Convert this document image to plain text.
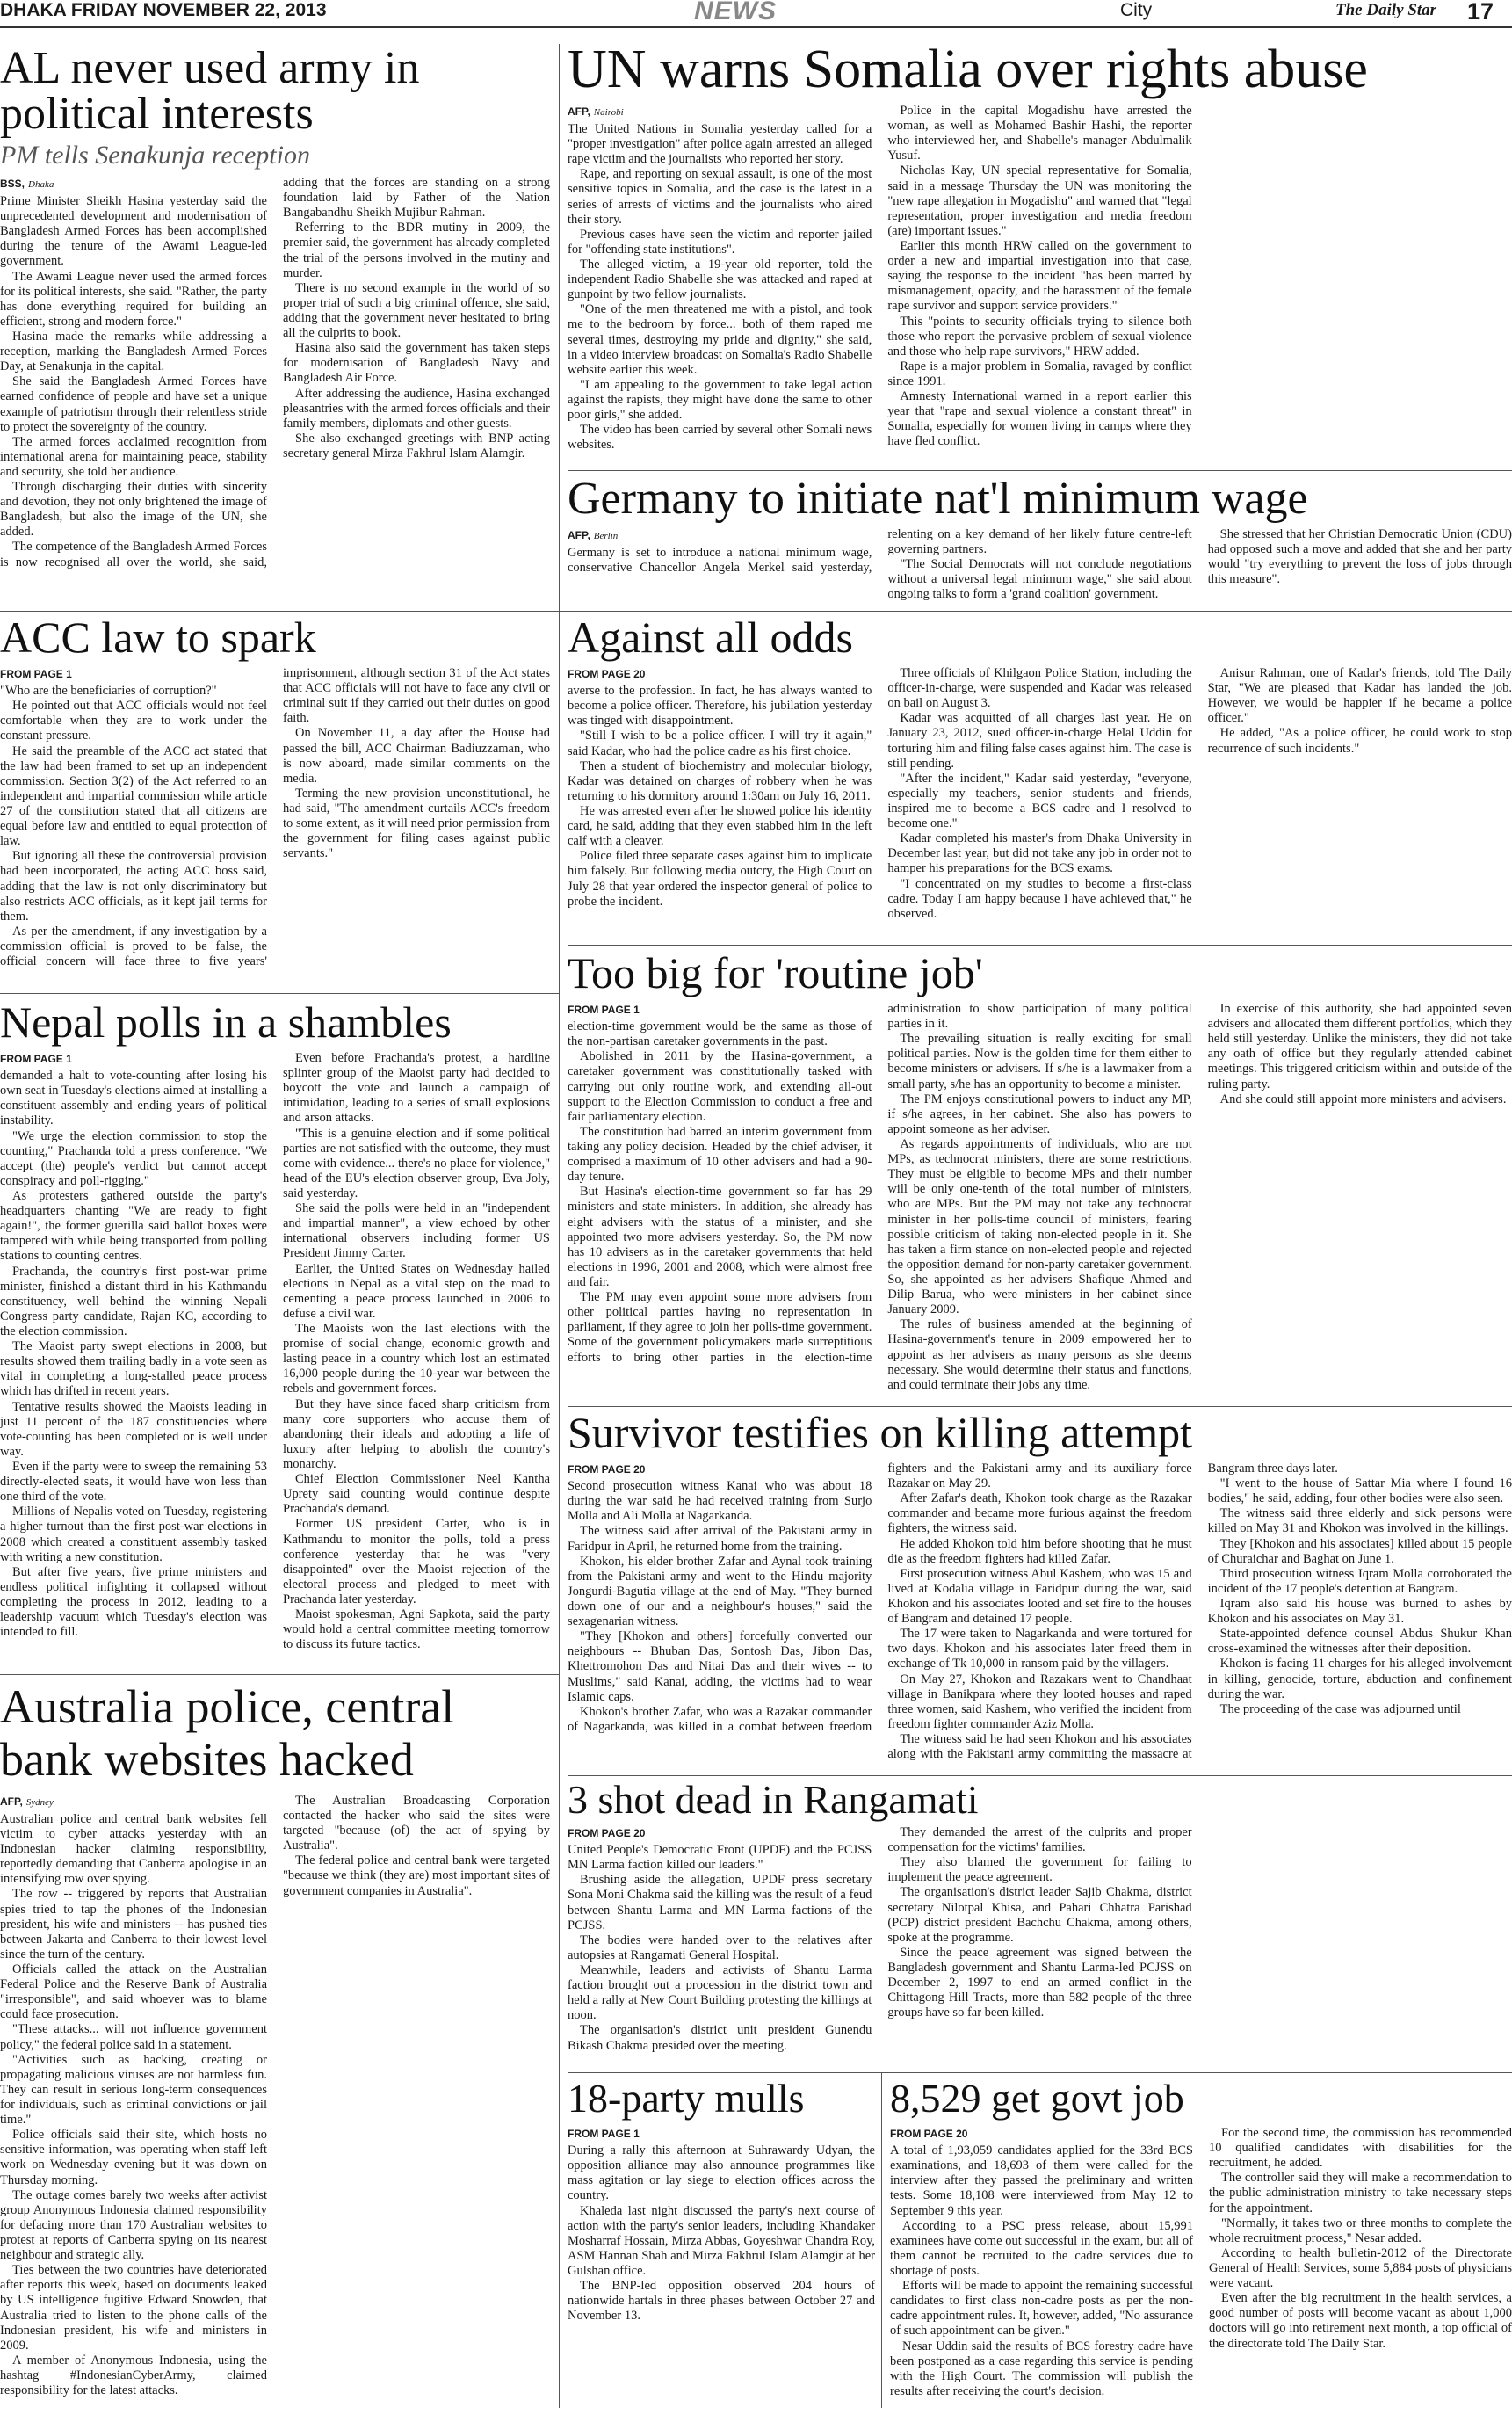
DHAKA FRIDAY NOVEMBER 22, 2013	NEWS	City	The Daily Star 17
AL never used army in political interests
PM tells Senakunja reception
BSS, Dhaka

Prime Minister Sheikh Hasina yesterday said the unprecedented development and modernisation of Bangladesh Armed Forces has been accomplished during the tenure of the Awami League-led government.

The Awami League never used the armed forces for its political interests, she said. "Rather, the party has done everything required for building an efficient, strong and modern force."

Hasina made the remarks while addressing a reception, marking the Bangladesh Armed Forces Day, at Senakunja in the capital.

She said the Bangladesh Armed Forces have earned confidence of people and have set a unique example of patriotism through their relentless stride to protect the sovereignty of the country.

The armed forces acclaimed recognition from international arena for maintaining peace, stability and security, she told her audience.

Through discharging their duties with sincerity and devotion, they not only brightened the image of Bangladesh, but also the image of the UN, she added.

The competence of the Bangladesh Armed Forces is now recognised all over the world, she said, adding that the forces are standing on a strong foundation laid by Father of the Nation Bangabandhu Sheikh Mujibur Rahman.

Referring to the BDR mutiny in 2009, the premier said, the government has already completed the trial of the persons involved in the mutiny and murder.

There is no second example in the world of so proper trial of such a big criminal offence, she said, adding that the government never hesitated to bring all the culprits to book.

Hasina also said the government has taken steps for modernisation of Bangladesh Navy and Bangladesh Air Force.

After addressing the audience, Hasina exchanged pleasantries with the armed forces officials and their family members, diplomats and other guests.

She also exchanged greetings with BNP acting secretary general Mirza Fakhrul Islam Alamgir.

UN warns Somalia over rights abuse
AFP, Nairobi

The United Nations in Somalia yesterday called for a "proper investigation" after police again arrested an alleged rape victim and the journalists who reported her story.

Rape, and reporting on sexual assault, is one of the most sensitive topics in Somalia, and the case is the latest in a series of arrests of victims and the journalists who aired their story.

Previous cases have seen the victim and reporter jailed for "offending state institutions".

The alleged victim, a 19-year old reporter, told the independent Radio Shabelle she was attacked and raped at gunpoint by two fellow journalists.

"One of the men threatened me with a pistol, and took me to the bedroom by force... both of them raped me several times, destroying my pride and dignity," she said, in a video interview broadcast on Somalia's Radio Shabelle website earlier this week.

"I am appealing to the government to take legal action against the rapists, they might have done the same to other poor girls," she added.

The video has been carried by several other Somali news websites.

Police in the capital Mogadishu have arrested the woman, as well as Mohamed Bashir Hashi, the reporter who interviewed her, and Shabelle's manager Abdulmalik Yusuf.

Nicholas Kay, UN special representative for Somalia, said in a message Thursday the UN was monitoring the "new rape allegation in Mogadishu" and warned that "legal representation, proper investigation and media freedom (are) important issues."

Earlier this month HRW called on the government to order a new and impartial investigation into that case, saying the response to the incident "has been marred by mismanagement, opacity, and the harassment of the female rape survivor and support service providers."

This "points to security officials trying to silence both those who report the pervasive problem of sexual violence and those who help rape survivors," HRW added.

Rape is a major problem in Somalia, ravaged by conflict since 1991.

Amnesty International warned in a report earlier this year that "rape and sexual violence a constant threat" in Somalia, especially for women living in camps where they have fled conflict.

Germany to initiate nat'l minimum wage
AFP, Berlin

Germany is set to introduce a national minimum wage, conservative Chancellor Angela Merkel said yesterday, relenting on a key demand of her likely future centre-left governing partners.

"The Social Democrats will not conclude negotiations without a universal legal minimum wage," she said about ongoing talks to form a 'grand coalition' government.

She stressed that her Christian Democratic Union (CDU) had opposed such a move and added that she and her party would "try everything to prevent the loss of jobs through this measure".

ACC law to spark
FROM PAGE 1

"Who are the beneficiaries of corruption?"

He pointed out that ACC officials would not feel comfortable when they are to work under the constant pressure.

He said the preamble of the ACC act stated that the law had been framed to set up an independent commission. Section 3(2) of the Act referred to an independent and impartial commission while article 27 of the constitution stated that all citizens are equal before law and entitled to equal protection of law.

But ignoring all these the controversial provision had been incorporated, the acting ACC boss said, adding that the law is not only discriminatory but also restricts ACC officials, as it kept jail terms for them.

As per the amendment, if any investigation by a commission official is proved to be false, the official concern will face three to five years' imprisonment, although section 31 of the Act states that ACC officials will not have to face any civil or criminal suit if they carried out their duties on good faith.

On November 11, a day after the House had passed the bill, ACC Chairman Badiuzzaman, who is now aboard, made similar comments on the media.

Terming the new provision unconstitutional, he had said, "The amendment curtails ACC's freedom to some extent, as it will need prior permission from the government for filing cases against public servants."

Against all odds
FROM PAGE 20

averse to the profession. In fact, he has always wanted to become a police officer. Therefore, his jubilation yesterday was tinged with disappointment.

"Still I wish to be a police officer. I will try it again," said Kadar, who had the police cadre as his first choice.

Then a student of biochemistry and molecular biology, Kadar was detained on charges of robbery when he was returning to his dormitory around 1:30am on July 16, 2011.

He was arrested even after he showed police his identity card, he said, adding that they even stabbed him in the left calf with a cleaver.

Police filed three separate cases against him to implicate him falsely. But following media outcry, the High Court on July 28 that year ordered the inspector general of police to probe the incident.

Three officials of Khilgaon Police Station, including the officer-in-charge, were suspended and Kadar was released on bail on August 3.

Kadar was acquitted of all charges last year. He on January 23, 2012, sued officer-in-charge Helal Uddin for torturing him and filing false cases against him. The case is still pending.

"After the incident," Kadar said yesterday, "everyone, especially my teachers, senior students and friends, inspired me to become a BCS cadre and I resolved to become one."

Kadar completed his master's from Dhaka University in December last year, but did not take any job in order not to hamper his preparations for the BCS exams.

"I concentrated on my studies to become a first-class cadre. Today I am happy because I have achieved that," he observed.

Anisur Rahman, one of Kadar's friends, told The Daily Star, "We are pleased that Kadar has landed the job. However, we would be happier if he became a police officer."

He added, "As a police officer, he could work to stop recurrence of such incidents."

Nepal polls in a shambles
FROM PAGE 1

demanded a halt to vote-counting after losing his own seat in Tuesday's elections aimed at installing a constituent assembly and ending years of political instability.

"We urge the election commission to stop the counting," Prachanda told a press conference. "We accept (the) people's verdict but cannot accept conspiracy and poll-rigging."

As protesters gathered outside the party's headquarters chanting "We are ready to fight again!", the former guerilla said ballot boxes were tampered with while being transported from polling stations to counting centres.

Prachanda, the country's first post-war prime minister, finished a distant third in his Kathmandu constituency, well behind the winning Nepali Congress party candidate, Rajan KC, according to the election commission.

The Maoist party swept elections in 2008, but results showed them trailing badly in a vote seen as vital in completing a long-stalled peace process which has drifted in recent years.

Tentative results showed the Maoists leading in just 11 percent of the 187 constituencies where vote-counting has been completed or is well under way.

Even if the party were to sweep the remaining 53 directly-elected seats, it would have won less than one third of the vote.

Millions of Nepalis voted on Tuesday, registering a higher turnout than the first post-war elections in 2008 which created a constituent assembly tasked with writing a new constitution.

But after five years, five prime ministers and endless political infighting it collapsed without completing the process in 2012, leading to a leadership vacuum which Tuesday's election was intended to fill.

Even before Prachanda's protest, a hardline splinter group of the Maoist party had decided to boycott the vote and launch a campaign of intimidation, leading to a series of small explosions and arson attacks.

"This is a genuine election and if some political parties are not satisfied with the outcome, they must come with evidence... there's no place for violence," head of the EU's election observer group, Eva Joly, said yesterday.

She said the polls were held in an "independent and impartial manner", a view echoed by other international observers including former US President Jimmy Carter.

Earlier, the United States on Wednesday hailed elections in Nepal as a vital step on the road to cementing a peace process launched in 2006 to defuse a civil war.

The Maoists won the last elections with the promise of social change, economic growth and lasting peace in a country which lost an estimated 16,000 people during the 10-year war between the rebels and government forces.

But they have since faced sharp criticism from many core supporters who accuse them of abandoning their ideals and adopting a life of luxury after helping to abolish the country's monarchy.

Chief Election Commissioner Neel Kantha Uprety said counting would continue despite Prachanda's demand.

Former US president Carter, who is in Kathmandu to monitor the polls, told a press conference yesterday that he was "very disappointed" over the Maoist rejection of the electoral process and pledged to meet with Prachanda later yesterday.

Maoist spokesman, Agni Sapkota, said the party would hold a central committee meeting tomorrow to discuss its future tactics.

Too big for 'routine job'
FROM PAGE 1

election-time government would be the same as those of the non-partisan caretaker governments in the past.

Abolished in 2011 by the Hasina-government, a caretaker government was constitutionally tasked with carrying out only routine work, and extending all-out support to the Election Commission to conduct a free and fair parliamentary election.

The constitution had barred an interim government from taking any policy decision. Headed by the chief adviser, it comprised a maximum of 10 other advisers and had a 90-day tenure.

But Hasina's election-time government so far has 29 ministers and state ministers. In addition, she already has eight advisers with the status of a minister, and she appointed two more advisers yesterday. So, the PM now has 10 advisers as in the caretaker governments that held elections in 1996, 2001 and 2008, which were almost free and fair.

The PM may even appoint some more advisers from other political parties having no representation in parliament, if they agree to join her polls-time government. Some of the government policymakers made surreptitious efforts to bring other parties in the election-time administration to show participation of many political parties in it.

The prevailing situation is really exciting for small political parties. Now is the golden time for them either to become ministers or advisers. If s/he is a lawmaker from a small party, s/he has an opportunity to become a minister.

The PM enjoys constitutional powers to induct any MP, if s/he agrees, in her cabinet. She also has powers to appoint someone as her adviser.

As regards appointments of individuals, who are not MPs, as technocrat ministers, there are some restrictions. They must be eligible to become MPs and their number will be only one-tenth of the total number of ministers, who are MPs. But the PM may not take any technocrat minister in her polls-time council of ministers, fearing possible criticism of taking non-elected people in it. She has taken a firm stance on non-elected people and rejected the opposition demand for non-party caretaker government. So, she appointed as her advisers Shafique Ahmed and Dilip Barua, who were ministers in her cabinet since January 2009.

The rules of business amended at the beginning of Hasina-government's tenure in 2009 empowered her to appoint as her advisers as many persons as she deems necessary. She would determine their status and functions, and could terminate their jobs any time.

In exercise of this authority, she had appointed seven advisers and allocated them different portfolios, which they held still yesterday. Unlike the ministers, they did not take any oath of office but they regularly attended cabinet meetings. This triggered criticism within and outside of the ruling party.

And she could still appoint more ministers and advisers.

Survivor testifies on killing attempt
FROM PAGE 20

Second prosecution witness Kanai who was about 18 during the war said he had received training from Surjo Molla and Ali Molla at Nagarkanda.

The witness said after arrival of the Pakistani army in Faridpur in April, he returned home from the training.

Khokon, his elder brother Zafar and Aynal took training from the Pakistani army and went to the Hindu majority Jongurdi-Bagutia village at the end of May. "They burned down one of our and a neighbour's houses," said the sexagenarian witness.

"They [Khokon and others] forcefully converted our neighbours -- Bhuban Das, Sontosh Das, Jibon Das, Khettromohon Das and Nitai Das and their wives -- to Muslims," said Kanai, adding, the victims had to wear Islamic caps.

Khokon's brother Zafar, who was a Razakar commander of Nagarkanda, was killed in a combat between freedom fighters and the Pakistani army and its auxiliary force Razakar on May 29.

After Zafar's death, Khokon took charge as the Razakar commander and became more furious against the freedom fighters, the witness said.

He added Khokon told him before shooting that he must die as the freedom fighters had killed Zafar.

First prosecution witness Abul Kashem, who was 15 and lived at Kodalia village in Faridpur during the war, said Khokon and his associates looted and set fire to the houses of Bangram and detained 17 people.

The 17 were taken to Nagarkanda and were tortured for two days. Khokon and his associates later freed them in exchange of Tk 10,000 in ransom paid by the villagers.

On May 27, Khokon and Razakars went to Chandhaat village in Banikpara where they looted houses and raped three women, said Kashem, who verified the incident from freedom fighter commander Aziz Molla.

The witness said he had seen Khokon and his associates along with the Pakistani army committing the massacre at Bangram three days later.

"I went to the house of Sattar Mia where I found 16 bodies," he said, adding, four other bodies were also seen.

The witness said three elderly and sick persons were killed on May 31 and Khokon was involved in the killings.

They [Khokon and his associates] killed about 15 people of Churaichar and Baghat on June 1.

Third prosecution witness Iqram Molla corroborated the incident of the 17 people's detention at Bangram.

Iqram also said his house was burned to ashes by Khokon and his associates on May 31.

State-appointed defence counsel Abdus Shukur Khan cross-examined the witnesses after their deposition.

Khokon is facing 11 charges for his alleged involvement in killing, genocide, torture, abduction and confinement during the war.

The proceeding of the case was adjourned until

Australia police, central bank websites hacked
AFP, Sydney

Australian police and central bank websites fell victim to cyber attacks yesterday with an Indonesian hacker claiming responsibility, reportedly demanding that Canberra apologise in an intensifying row over spying.

The row -- triggered by reports that Australian spies tried to tap the phones of the Indonesian president, his wife and ministers -- has pushed ties between Jakarta and Canberra to their lowest level since the turn of the century.

Officials called the attack on the Australian Federal Police and the Reserve Bank of Australia "irresponsible", and said whoever was to blame could face prosecution.

"These attacks... will not influence government policy," the federal police said in a statement.

"Activities such as hacking, creating or propagating malicious viruses are not harmless fun. They can result in serious long-term consequences for individuals, such as criminal convictions or jail time."

Police officials said their site, which hosts no sensitive information, was operating when staff left work on Wednesday evening but it was down on Thursday morning.

The outage comes barely two weeks after activist group Anonymous Indonesia claimed responsibility for defacing more than 170 Australian websites to protest at reports of Canberra spying on its nearest neighbour and strategic ally.

Ties between the two countries have deteriorated after reports this week, based on documents leaked by US intelligence fugitive Edward Snowden, that Australia tried to listen to the phone calls of the Indonesian president, his wife and ministers in 2009.

A member of Anonymous Indonesia, using the hashtag #IndonesianCyberArmy, claimed responsibility for the latest attacks.

The Australian Broadcasting Corporation contacted the hacker who said the sites were targeted "because (of) the act of spying by Australia".

The federal police and central bank were targeted "because we think (they are) most important sites of government companies in Australia".

3 shot dead in Rangamati
FROM PAGE 20

United People's Democratic Front (UPDF) and the PCJSS MN Larma faction killed our leaders."

Brushing aside the allegation, UPDF press secretary Sona Moni Chakma said the killing was the result of a feud between Shantu Larma and MN Larma factions of the PCJSS.

The bodies were handed over to the relatives after autopsies at Rangamati General Hospital.

Meanwhile, leaders and activists of Shantu Larma faction brought out a procession in the district town and held a rally at New Court Building protesting the killings at noon.

The organisation's district unit president Gunendu Bikash Chakma presided over the meeting.

They demanded the arrest of the culprits and proper compensation for the victims' families.

They also blamed the government for failing to implement the peace agreement.

The organisation's district leader Sajib Chakma, district secretary Nilotpal Khisa, and Pahari Chhatra Parishad (PCP) district president Bachchu Chakma, among others, spoke at the programme.

Since the peace agreement was signed between the Bangladesh government and Shantu Larma-led PCJSS on December 2, 1997 to end an armed conflict in the Chittagong Hill Tracts, more than 582 people of the three groups have so far been killed.

18-party mulls
FROM PAGE 1

During a rally this afternoon at Suhrawardy Udyan, the opposition alliance may also announce programmes like mass agitation or lay siege to election offices across the country.

Khaleda last night discussed the party's next course of action with the party's senior leaders, including Khandaker Mosharraf Hossain, Mirza Abbas, Goyeshwar Chandra Roy, ASM Hannan Shah and Mirza Fakhrul Islam Alamgir at her Gulshan office.

The BNP-led opposition observed 204 hours of nationwide hartals in three phases between October 27 and November 13.

8,529 get govt job
FROM PAGE 20

A total of 1,93,059 candidates applied for the 33rd BCS examinations, and 18,693 of them were called for the interview after they passed the preliminary and written tests. Some 18,108 were interviewed from May 12 to September 9 this year.

According to a PSC press release, about 15,991 examinees have come out successful in the exam, but all of them cannot be recruited to the cadre services due to shortage of posts.

Efforts will be made to appoint the remaining successful candidates to first class non-cadre posts as per the non-cadre appointment rules. It, however, added, "No assurance of such appointment can be given."

Nesar Uddin said the results of BCS forestry cadre have been postponed as a case regarding this service is pending with the High Court. The commission will publish the results after receiving the court's decision.

For the second time, the commission has recommended 10 qualified candidates with disabilities for the recruitment, he added.

The controller said they will make a recommendation to the public administration ministry to take necessary steps for the appointment.

"Normally, it takes two or three months to complete the whole recruitment process," Nesar added.

According to health bulletin-2012 of the Directorate General of Health Services, some 5,884 posts of physicians were vacant.

Even after the big recruitment in the health services, a good number of posts will become vacant as about 1,000 doctors will go into retirement next month, a top official of the directorate told The Daily Star.
